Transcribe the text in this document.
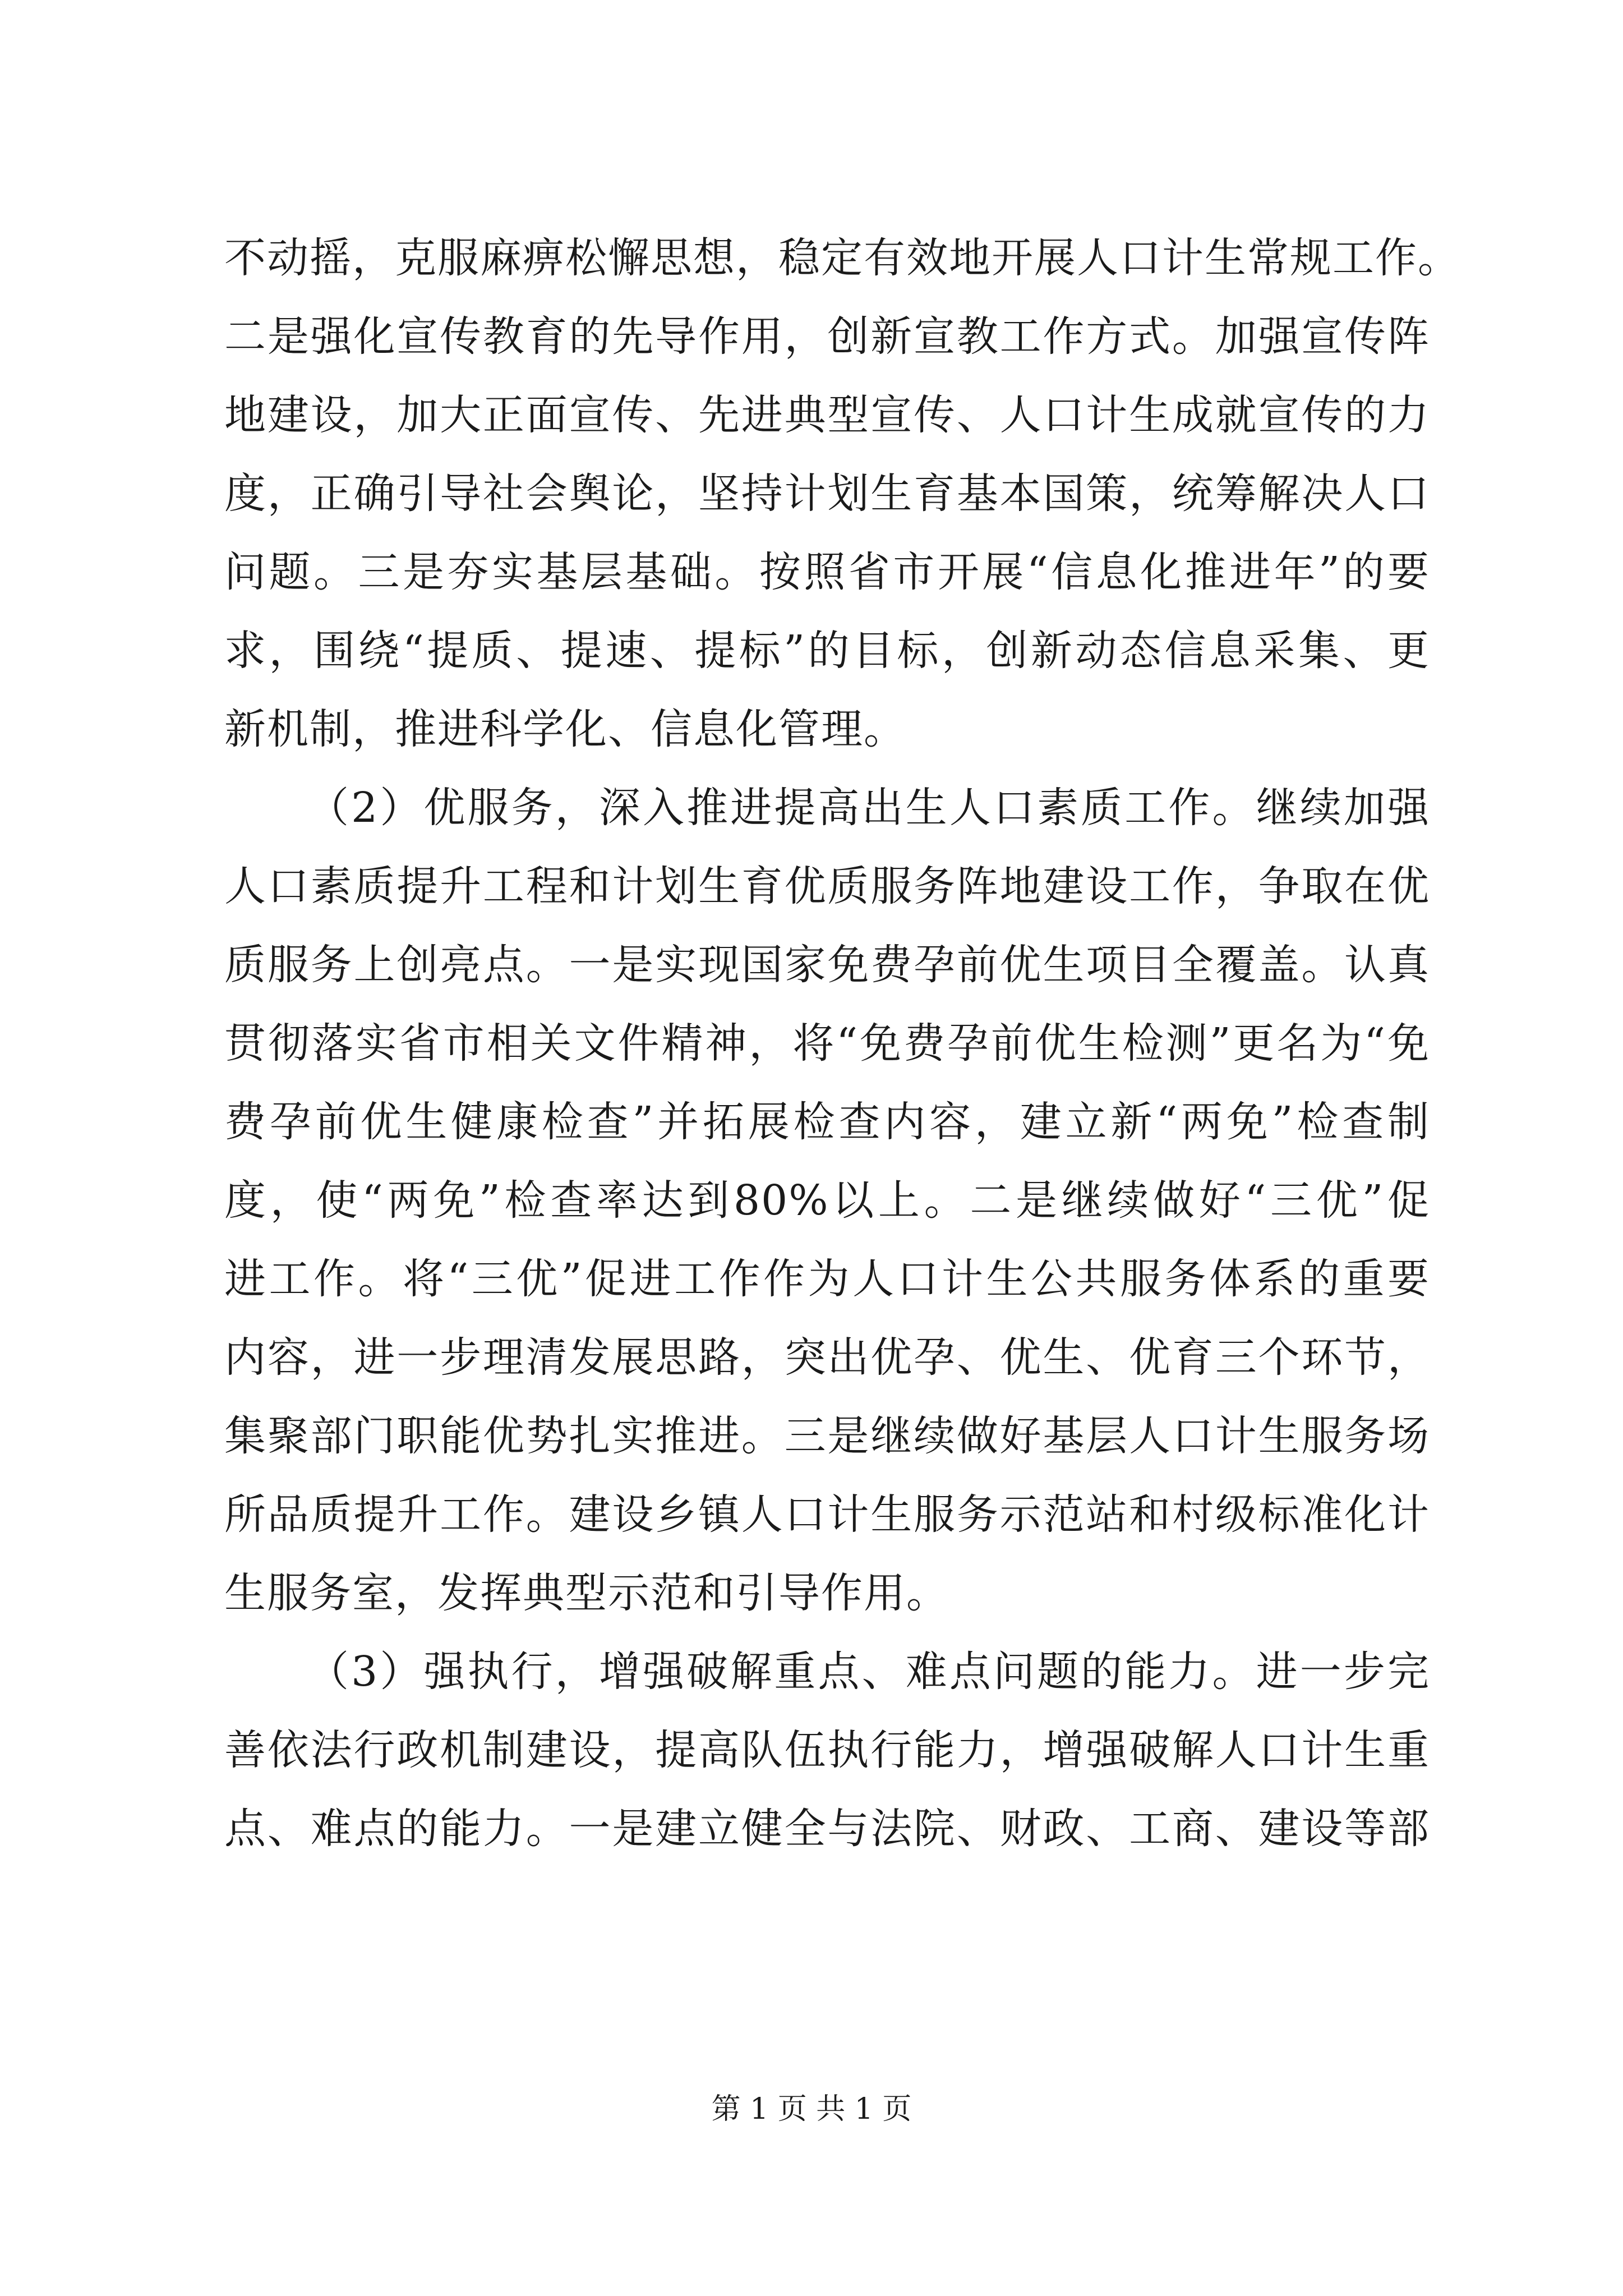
不动摇，克服麻痹松懈思想，稳定有效地开展人口计生常规工作。
二是强化宣传教育的先导作用，创新宣教工作方式。加强宣传阵
地建设，加大正面宣传、先进典型宣传、人口计生成就宣传的力
度，正确引导社会舆论，坚持计划生育基本国策，统筹解决人口
问题。三是夯实基层基础。按照省市开展“信息化推进年”的要
求，围绕“提质、提速、提标”的目标，创新动态信息采集、更
新机制，推进科学化、信息化管理。
（2）优服务，深入推进提高出生人口素质工作。继续加强
人口素质提升工程和计划生育优质服务阵地建设工作，争取在优
质服务上创亮点。一是实现国家免费孕前优生项目全覆盖。认真
贯彻落实省市相关文件精神，将“免费孕前优生检测”更名为“免
费孕前优生健康检查”并拓展检查内容，建立新“两免”检查制
度，使“两免”检查率达到80%以上。二是继续做好“三优”促
进工作。将“三优”促进工作作为人口计生公共服务体系的重要
内容，进一步理清发展思路，突出优孕、优生、优育三个环节，
集聚部门职能优势扎实推进。三是继续做好基层人口计生服务场
所品质提升工作。建设乡镇人口计生服务示范站和村级标准化计
生服务室，发挥典型示范和引导作用。
（3）强执行，增强破解重点、难点问题的能力。进一步完
善依法行政机制建设，提高队伍执行能力，增强破解人口计生重
点、难点的能力。一是建立健全与法院、财政、工商、建设等部
第 1 页 共 1 页
